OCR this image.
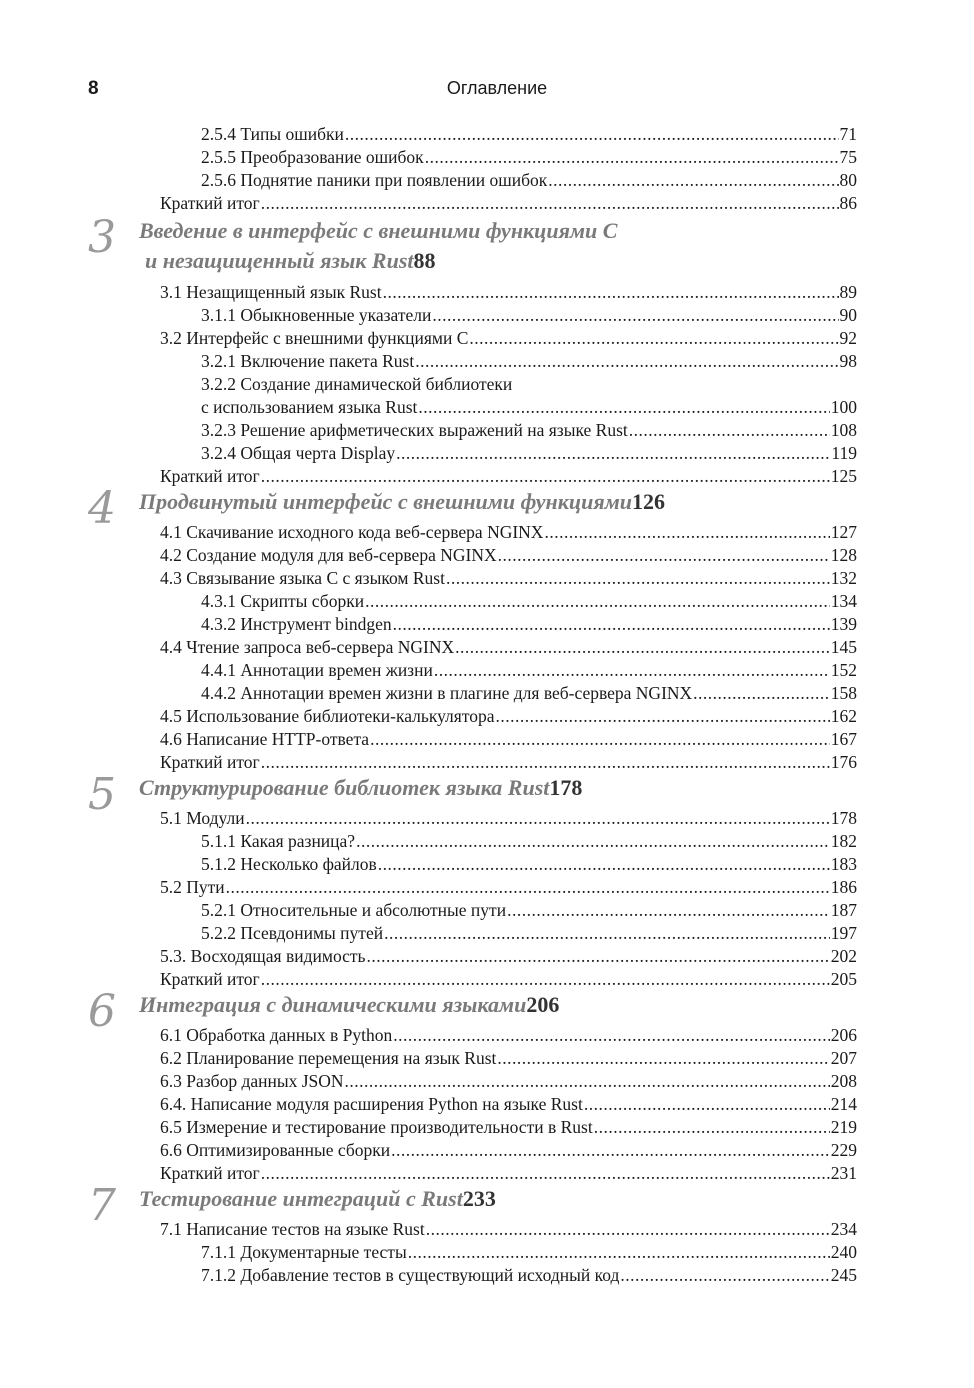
8	Оглавление
2.5.4 Типы ошибки .....	71
2.5.5 Преобразование ошибок .....	75
2.5.6 Поднятие паники при появлении ошибок .....	80
Краткий итог .....	86
3 Введение в интерфейс с внешними функциями C
и незащищенный язык Rust 88
3.1 Незащищенный язык Rust .....	89
3.1.1 Обыкновенные указатели .....	90
3.2 Интерфейс с внешними функциями C .....	92
3.2.1 Включение пакета Rust .....	98
3.2.2 Создание динамической библиотеки
с использованием языка Rust .....	100
3.2.3 Решение арифметических выражений на языке Rust .....	108
3.2.4 Общая черта Display .....	119
Краткий итог .....	125
4 Продвинутый интерфейс с внешними функциями 126
4.1 Скачивание исходного кода веб-сервера NGINX .....	127
4.2 Создание модуля для веб-сервера NGINX .....	128
4.3 Связывание языка C с языком Rust .....	132
4.3.1 Скрипты сборки .....	134
4.3.2 Инструмент bindgen .....	139
4.4 Чтение запроса веб-сервера NGINX .....	145
4.4.1 Аннотации времен жизни .....	152
4.4.2 Аннотации времен жизни в плагине для веб-сервера NGINX .....	158
4.5 Использование библиотеки-калькулятора .....	162
4.6 Написание HTTP-ответа .....	167
Краткий итог .....	176
5 Структурирование библиотек языка Rust 178
5.1 Модули .....	178
5.1.1 Какая разница? .....	182
5.1.2 Несколько файлов .....	183
5.2 Пути .....	186
5.2.1 Относительные и абсолютные пути .....	187
5.2.2 Псевдонимы путей .....	197
5.3. Восходящая видимость .....	202
Краткий итог .....	205
6 Интеграция с динамическими языками 206
6.1 Обработка данных в Python .....	206
6.2 Планирование перемещения на язык Rust .....	207
6.3 Разбор данных JSON .....	208
6.4. Написание модуля расширения Python на языке Rust .....	214
6.5 Измерение и тестирование производительности в Rust .....	219
6.6 Оптимизированные сборки .....	229
Краткий итог .....	231
7 Тестирование интеграций с Rust 233
7.1 Написание тестов на языке Rust .....	234
7.1.1 Документарные тесты .....	240
7.1.2 Добавление тестов в существующий исходный код .....	245
